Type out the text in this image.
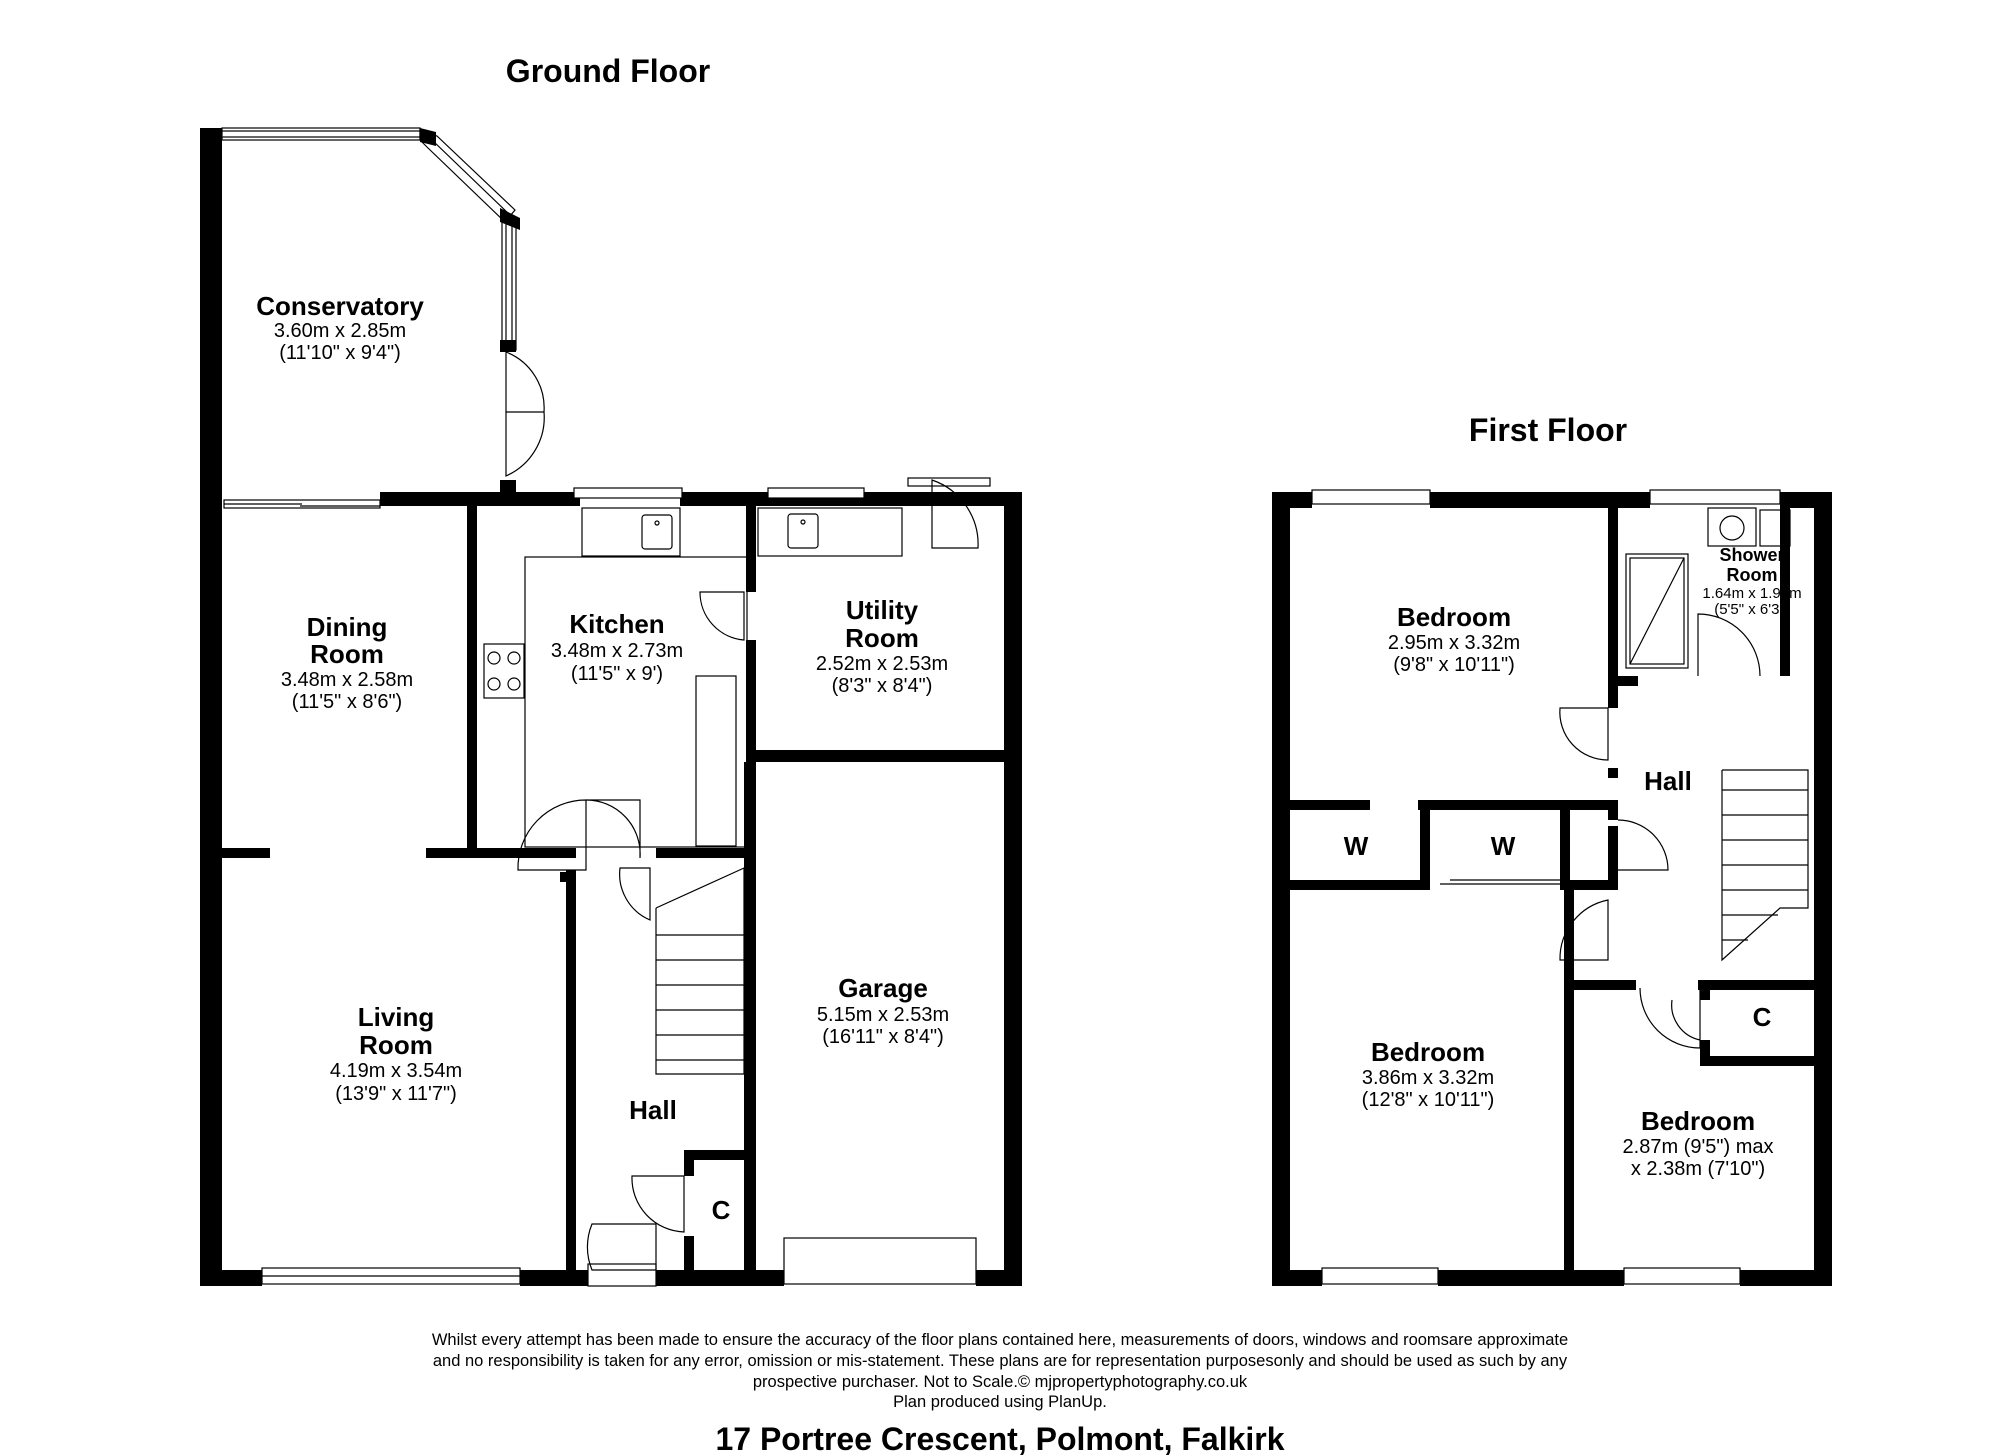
Ground Floor
Conservatory
3.60m x 2.85m
(11'10" x 9'4")
Dining
Room
3.48m x 2.58m
(11'5" x 8'6")
Kitchen
3.48m x 2.73m
(11'5" x 9')
Utility
Room
2.52m x 2.53m
(8'3" x 8'4")
Living
Room
4.19m x 3.54m
(13'9" x 11'7")
Hall
C
Garage
5.15m x 2.53m
(16'11" x 8'4")
First Floor
Bedroom
2.95m x 3.32m
(9'8" x 10'11")
Shower
Room
1.64m x 1.91m
(5'5" x 6'3")
Hall
W	W
Bedroom
3.86m x 3.32m
(12'8" x 10'11")
C
Bedroom
2.87m (9'5") max
x 2.38m (7'10")
Whilst every attempt has been made to ensure the accuracy of the floor plans contained here, measurements of doors, windows and roomsare approximate
and no responsibility is taken for any error, omission or mis-statement. These plans are for representation purposesonly and should be used as such by any
prospective purchaser. Not to Scale.© mjpropertyphotography.co.uk
Plan produced using PlanUp.
17 Portree Crescent, Polmont, Falkirk
